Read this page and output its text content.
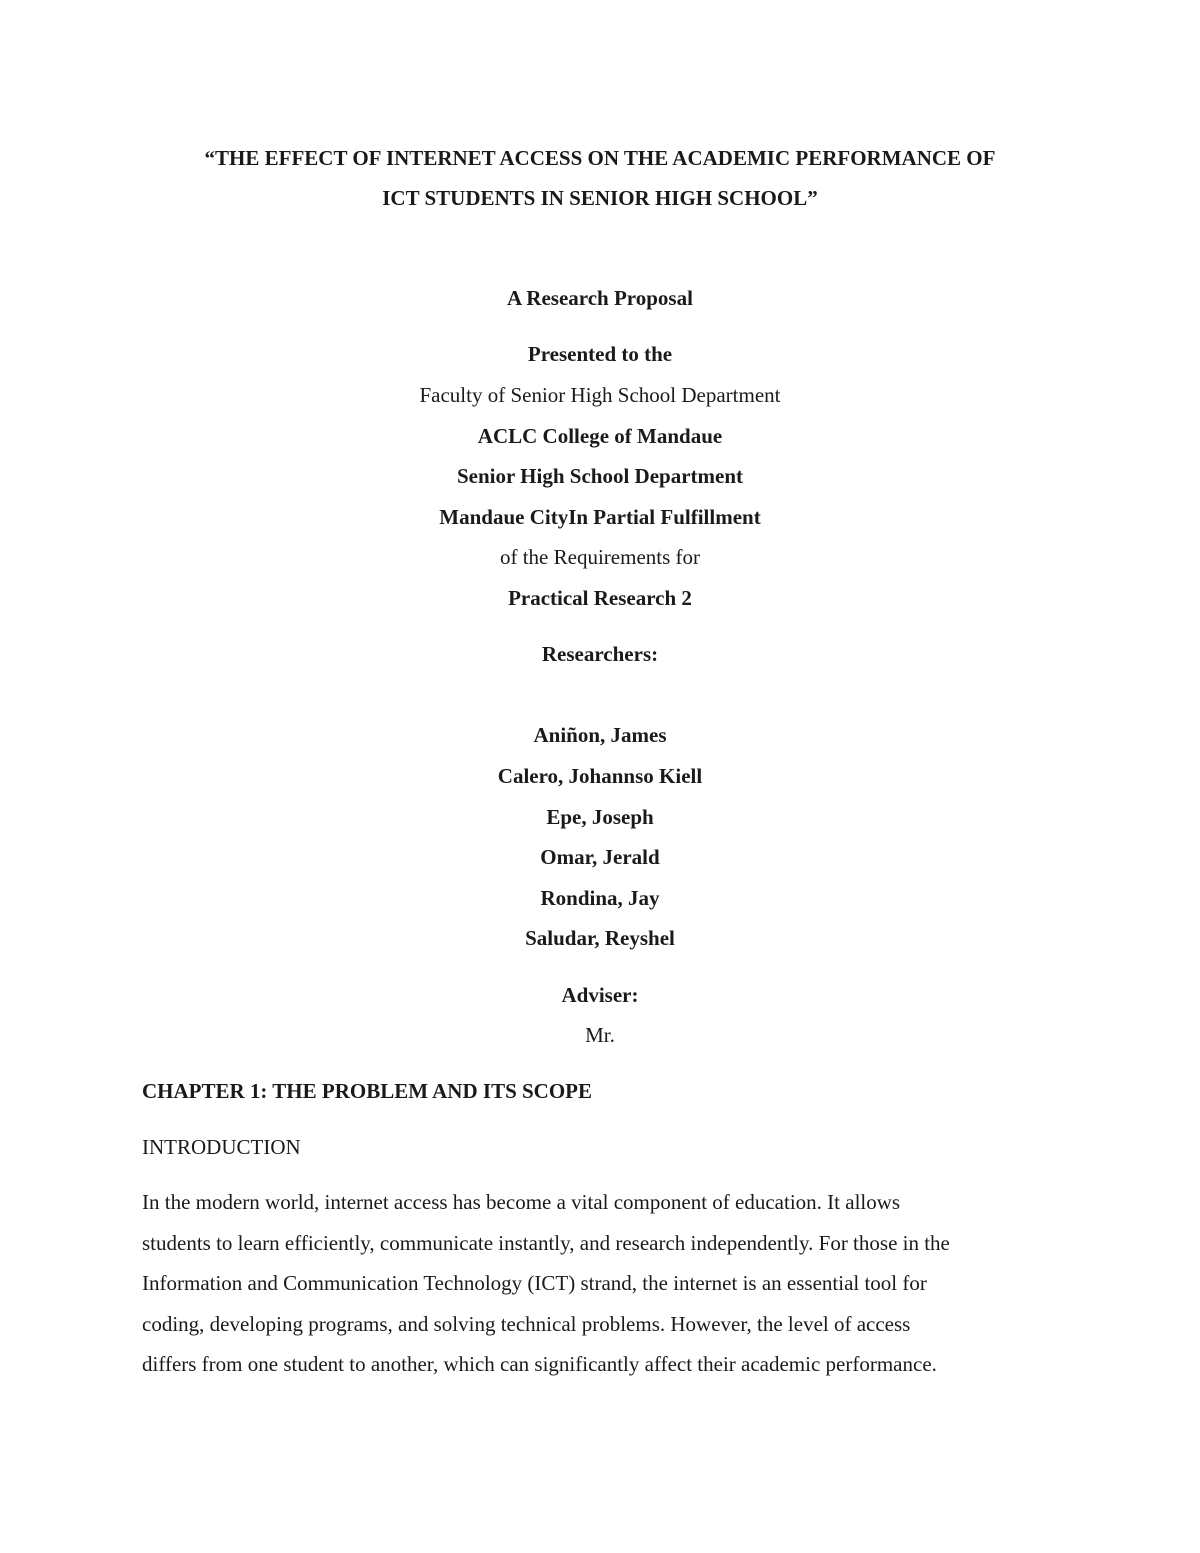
“THE EFFECT OF INTERNET ACCESS ON THE ACADEMIC PERFORMANCE OF
ICT STUDENTS IN SENIOR HIGH SCHOOL”
A Research Proposal
Presented to the
Faculty of Senior High School Department
ACLC College of Mandaue
Senior High School Department
Mandaue CityIn Partial Fulfillment
of the Requirements for
Practical Research 2
Researchers:
Aniñon, James
Calero, Johannso Kiell
Epe, Joseph
Omar, Jerald
Rondina, Jay
Saludar, Reyshel
Adviser:
Mr.
CHAPTER 1: THE PROBLEM AND ITS SCOPE
INTRODUCTION
In the modern world, internet access has become a vital component of education. It allows
students to learn efficiently, communicate instantly, and research independently. For those in the
Information and Communication Technology (ICT) strand, the internet is an essential tool for
coding, developing programs, and solving technical problems. However, the level of access
differs from one student to another, which can significantly affect their academic performance.
